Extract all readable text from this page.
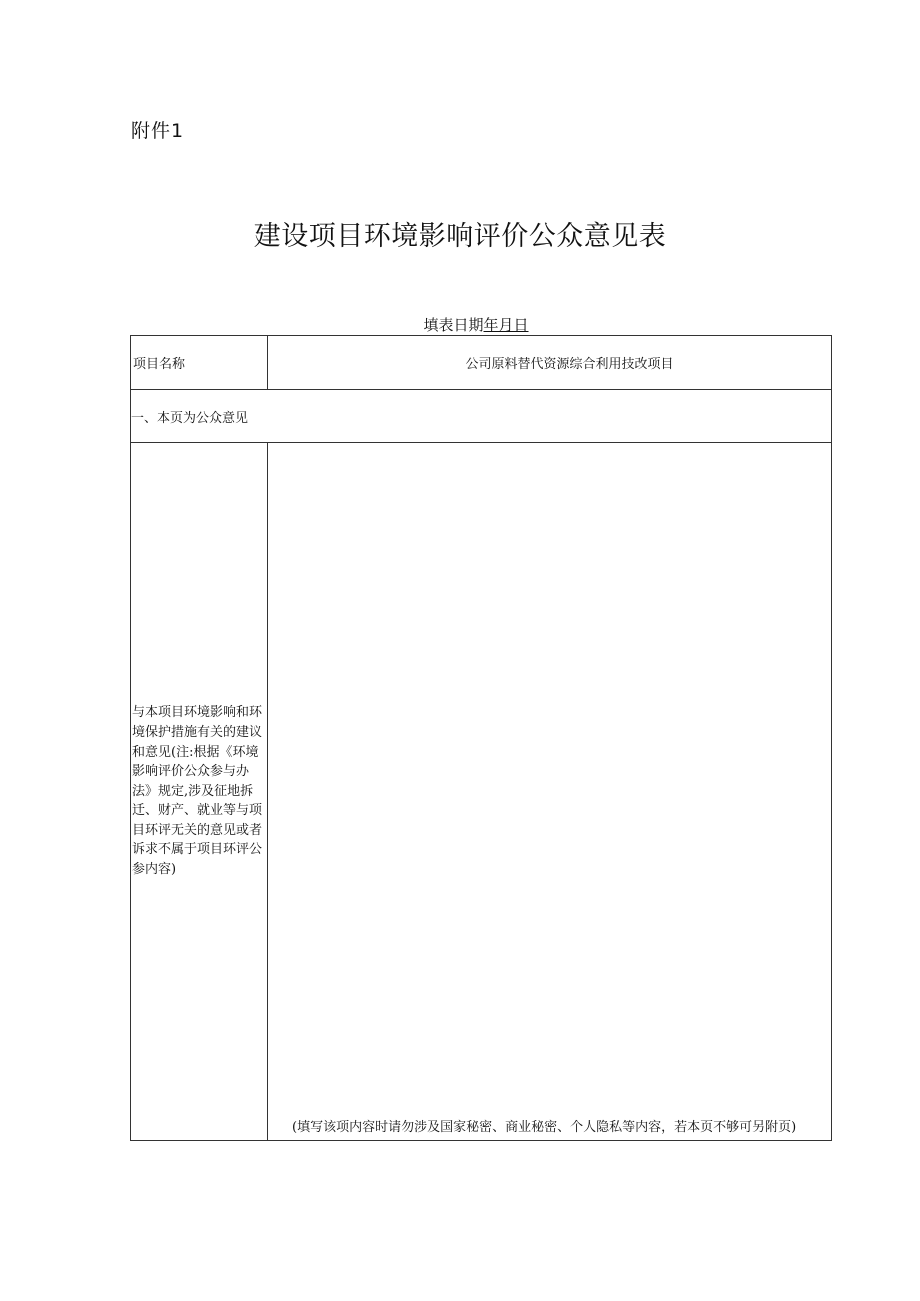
附件1
建设项目环境影响评价公众意见表
填表日期年月日
项目名称	公司原料替代资源综合利用技改项目
一、本页为公众意见	
与本项目环境影响和环境保护措施有关的建议和意见(注:根据《环境影响评价公众参与办法》规定,涉及征地拆迁、财产、就业等与项目环评无关的意见或者诉求不属于项目环评公参内容)	(填写该项内容时请勿涉及国家秘密、商业秘密、个人隐私等内容，若本页不够可另附页)
